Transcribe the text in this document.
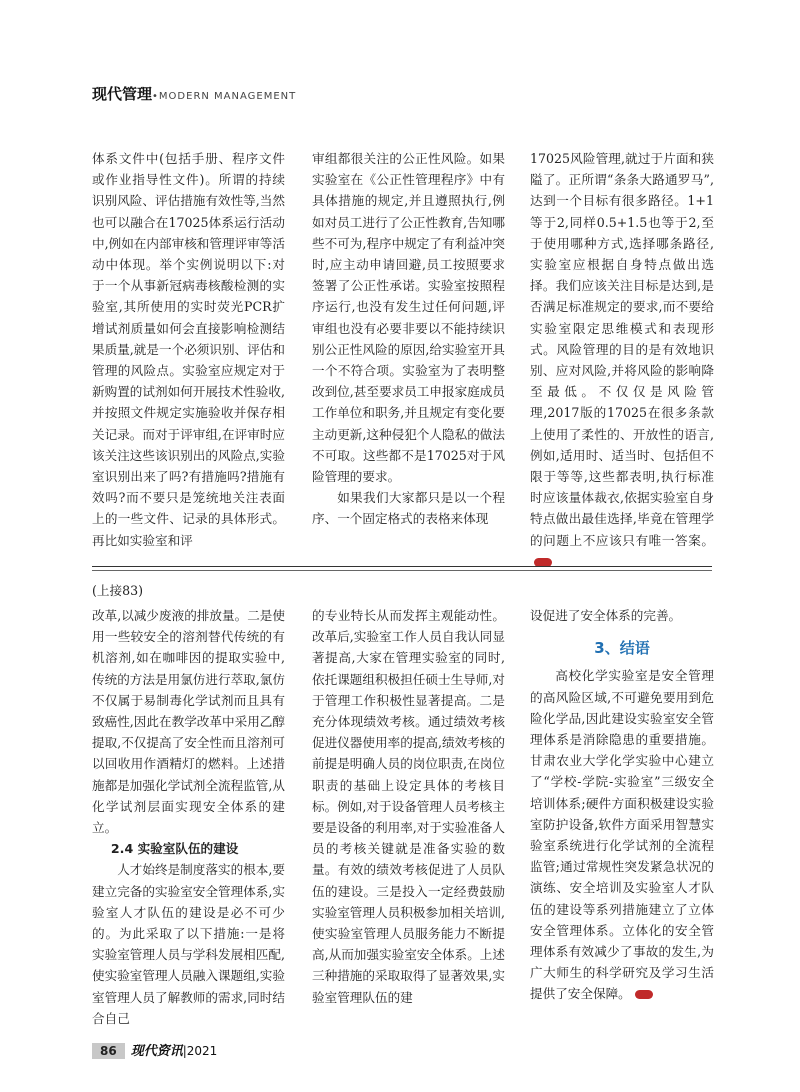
现代管理•MODERN MANAGEMENT

体系文件中(包括手册、程序文件或作业指导性文件)。所谓的持续识别风险、评估措施有效性等,当然也可以融合在17025体系运行活动中,例如在内部审核和管理评审等活动中体现。举个实例说明以下:对于一个从事新冠病毒核酸检测的实验室,其所使用的实时荧光PCR扩增试剂质量如何会直接影响检测结果质量,就是一个必须识别、评估和管理的风险点。实验室应规定对于新购置的试剂如何开展技术性验收,并按照文件规定实施验收并保存相关记录。而对于评审组,在评审时应该关注这些该识别出的风险点,实验室识别出来了吗?有措施吗?措施有效吗?而不要只是笼统地关注表面上的一些文件、记录的具体形式。再比如实验室和评

审组都很关注的公正性风险。如果实验室在《公正性管理程序》中有具体措施的规定,并且遵照执行,例如对员工进行了公正性教育,告知哪些不可为,程序中规定了有利益冲突时,应主动申请回避,员工按照要求签署了公正性承诺。实验室按照程序运行,也没有发生过任何问题,评审组也没有必要非要以不能持续识别公正性风险的原因,给实验室开具一个不符合项。实验室为了表明整改到位,甚至要求员工申报家庭成员工作单位和职务,并且规定有变化要主动更新,这种侵犯个人隐私的做法不可取。这些都不是17025对于风险管理的要求。

如果我们大家都只是以一个程序、一个固定格式的表格来体现

17025风险管理,就过于片面和狭隘了。正所谓“条条大路通罗马”,达到一个目标有很多路径。1+1等于2,同样0.5+1.5也等于2,至于使用哪种方式,选择哪条路径,实验室应根据自身特点做出选择。我们应该关注目标是达到,是否满足标准规定的要求,而不要给实验室限定思维模式和表现形式。风险管理的目的是有效地识别、应对风险,并将风险的影响降至最低。不仅仅是风险管理,2017版的17025在很多条款上使用了柔性的、开放性的语言,例如,适用时、适当时、包括但不限于等等,这些都表明,执行标准时应该量体裁衣,依据实验室自身特点做出最佳选择,毕竟在管理学的问题上不应该只有唯一答案。

(上接83)

改革,以减少废液的排放量。二是使用一些较安全的溶剂替代传统的有机溶剂,如在咖啡因的提取实验中,传统的方法是用氯仿进行萃取,氯仿不仅属于易制毒化学试剂而且具有致癌性,因此在教学改革中采用乙醇提取,不仅提高了安全性而且溶剂可以回收用作酒精灯的燃料。上述措施都是加强化学试剂全流程监管,从化学试剂层面实现安全体系的建立。

2.4 实验室队伍的建设

人才始终是制度落实的根本,要建立完备的实验室安全管理体系,实验室人才队伍的建设是必不可少的。为此采取了以下措施:一是将实验室管理人员与学科发展相匹配,使实验室管理人员融入课题组,实验室管理人员了解教师的需求,同时结合自己

的专业特长从而发挥主观能动性。改革后,实验室工作人员自我认同显著提高,大家在管理实验室的同时,依托课题组积极担任硕士生导师,对于管理工作积极性显著提高。二是充分体现绩效考核。通过绩效考核促进仪器使用率的提高,绩效考核的前提是明确人员的岗位职责,在岗位职责的基础上设定具体的考核目标。例如,对于设备管理人员考核主要是设备的利用率,对于实验准备人员的考核关键就是准备实验的数量。有效的绩效考核促进了人员队伍的建设。三是投入一定经费鼓励实验室管理人员积极参加相关培训,使实验室管理人员服务能力不断提高,从而加强实验室安全体系。上述三种措施的采取取得了显著效果,实验室管理队伍的建

设促进了安全体系的完善。

3、结语

高校化学实验室是安全管理的高风险区域,不可避免要用到危险化学品,因此建设实验室安全管理体系是消除隐患的重要措施。甘肃农业大学化学实验中心建立了“学校-学院-实验室”三级安全培训体系;硬件方面积极建设实验室防护设备,软件方面采用智慧实验室系统进行化学试剂的全流程监管;通过常规性突发紧急状况的演练、安全培训及实验室人才队伍的建设等系列措施建立了立体安全管理体系。立体化的安全管理体系有效减少了事故的发生,为广大师生的科学研究及学习生活提供了安全保障。

86 现代资讯|2021
